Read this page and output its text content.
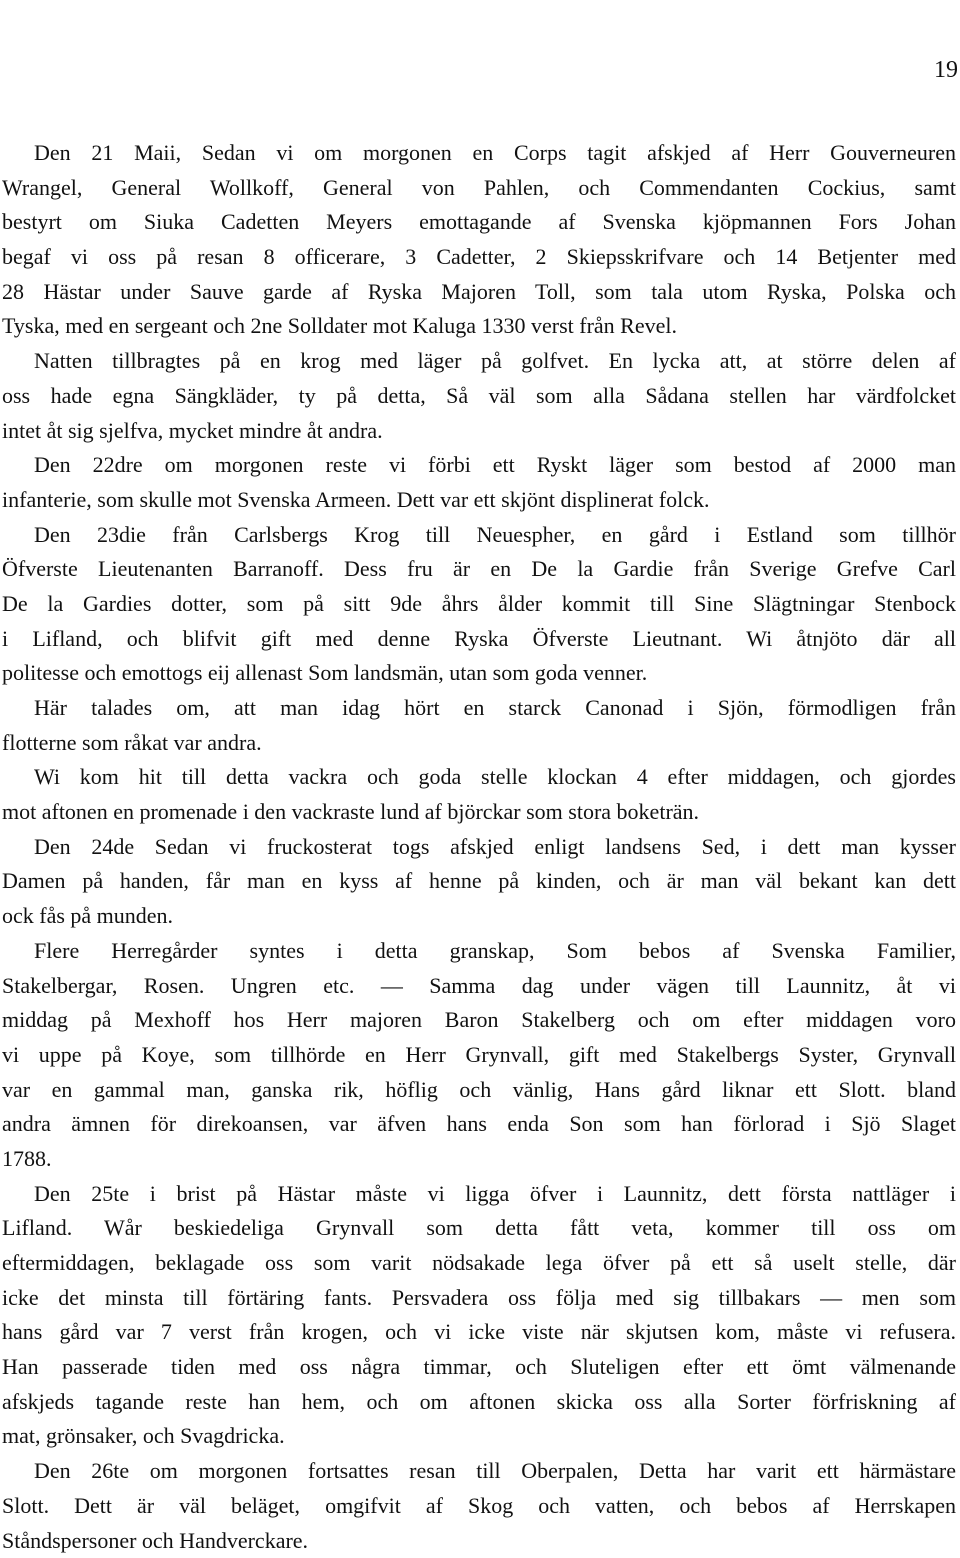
19
Den 21 Maii, Sedan vi om morgonen en Corps tagit afskjed af Herr Gouverneuren
Wrangel, General Wollkoff, General von Pahlen, och Commendanten Cockius, samt
bestyrt om Siuka Cadetten Meyers emottagande af Svenska kjöpmannen Fors Johan
begaf vi oss på resan 8 officerare, 3 Cadetter, 2 Skiepsskrifvare och 14 Betjenter med
28 Hästar under Sauve garde af Ryska Majoren Toll, som tala utom Ryska, Polska och
Tyska, med en sergeant och 2ne Solldater mot Kaluga 1330 verst från Revel.
Natten tillbragtes på en krog med läger på golfvet. En lycka att, at större delen af
oss hade egna Sängkläder, ty på detta, Så väl som alla Sådana stellen har värdfolcket
intet åt sig sjelfva, mycket mindre åt andra.
Den 22dre om morgonen reste vi förbi ett Ryskt läger som bestod af 2000 man
infanterie, som skulle mot Svenska Armeen. Dett var ett skjönt displinerat folck.
Den 23die från Carlsbergs Krog till Neuespher, en gård i Estland som tillhör
Öfverste Lieutenanten Barranoff. Dess fru är en De la Gardie från Sverige Grefve Carl
De la Gardies dotter, som på sitt 9de åhrs ålder kommit till Sine Slägtningar Stenbock
i Lifland, och blifvit gift med denne Ryska Öfverste Lieutnant. Wi åtnjöto där all
politesse och emottogs eij allenast Som landsmän, utan som goda venner.
Här talades om, att man idag hört en starck Canonad i Sjön, förmodligen från
flotterne som råkat var andra.
Wi kom hit till detta vackra och goda stelle klockan 4 efter middagen, och gjordes
mot aftonen en promenade i den vackraste lund af björckar som stora boketrän.
Den 24de Sedan vi fruckosterat togs afskjed enligt landsens Sed, i dett man kysser
Damen på handen, får man en kyss af henne på kinden, och är man väl bekant kan dett
ock fås på munden.
Flere Herregårder syntes i detta granskap, Som bebos af Svenska Familier,
Stakelbergar, Rosen. Ungren etc. — Samma dag under vägen till Launnitz, åt vi
middag på Mexhoff hos Herr majoren Baron Stakelberg och om efter middagen voro
vi uppe på Koye, som tillhörde en Herr Grynvall, gift med Stakelbergs Syster, Grynvall
var en gammal man, ganska rik, höflig och vänlig, Hans gård liknar ett Slott. bland
andra ämnen för direkoansen, var äfven hans enda Son som han förlorad i Sjö Slaget
1788.
Den 25te i brist på Hästar måste vi ligga öfver i Launnitz, dett första nattläger i
Lifland. Wår beskiedeliga Grynvall som detta fått veta, kommer till oss om
eftermiddagen, beklagade oss som varit nödsakade lega öfver på ett så uselt stelle, där
icke det minsta till förtäring fants. Persvadera oss följa med sig tillbakars — men som
hans gård var 7 verst från krogen, och vi icke viste när skjutsen kom, måste vi refusera.
Han passerade tiden med oss några timmar, och Sluteligen efter ett ömt välmenande
afskjeds tagande reste han hem, och om aftonen skicka oss alla Sorter förfriskning af
mat, grönsaker, och Svagdricka.
Den 26te om morgonen fortsattes resan till Oberpalen, Detta har varit ett härmästare
Slott. Dett är väl beläget, omgifvit af Skog och vatten, och bebos af Herrskapen
Ståndspersoner och Handverckare.
